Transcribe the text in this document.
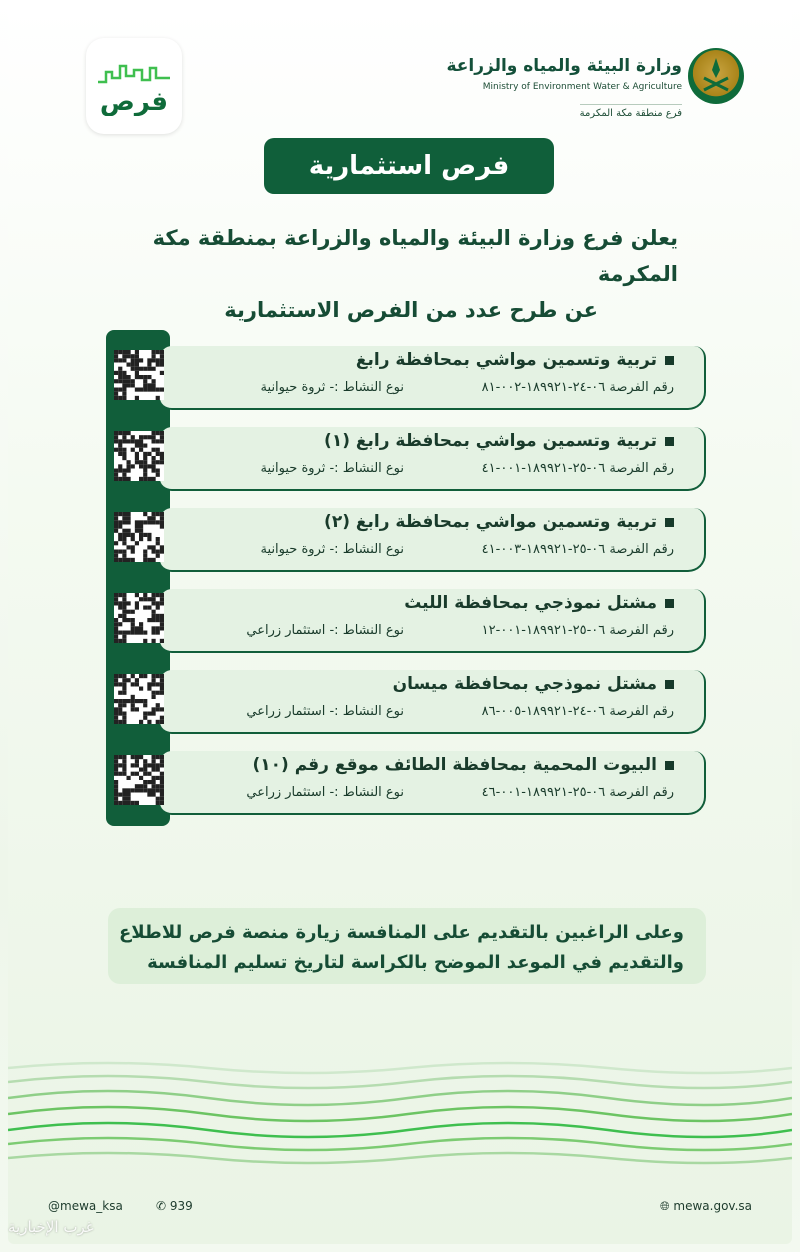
فرص
وزارة البيئة والمياه والزراعة
Ministry of Environment Water & Agriculture
فرع منطقة مكة المكرمة
فرص استثمارية
يعلن فرع وزارة البيئة والمياه والزراعة بمنطقة مكة المكرمة
عن طرح عدد من الفرص الاستثمارية
تربية وتسمين مواشي بمحافظة رابغ
رقم الفرصة ٠٦-٢٤-١٨٩٩٢١-٠٠٢-٨١
نوع النشاط :- ثروة حيوانية
تربية وتسمين مواشي بمحافظة رابغ (١)
رقم الفرصة ٠٦-٢٥-١٨٩٩٢١-٠٠١-٤١
نوع النشاط :- ثروة حيوانية
تربية وتسمين مواشي بمحافظة رابغ (٢)
رقم الفرصة ٠٦-٢٥-١٨٩٩٢١-٠٠٣-٤١
نوع النشاط :- ثروة حيوانية
مشتل نموذجي بمحافظة الليث
رقم الفرصة ٠٦-٢٥-١٨٩٩٢١-٠٠١-١٢
نوع النشاط :- استثمار زراعي
مشتل نموذجي بمحافظة ميسان
رقم الفرصة ٠٦-٢٤-١٨٩٩٢١-٠٠٥-٨٦
نوع النشاط :- استثمار زراعي
البيوت المحمية بمحافظة الطائف موقع رقم (١٠)
رقم الفرصة ٠٦-٢٥-١٨٩٩٢١-٠٠١-٤٦
نوع النشاط :- استثمار زراعي
وعلى الراغبين بالتقديم على المنافسة زيارة منصة فرص للاطلاع
والتقديم في الموعد الموضح بالكراسة لتاريخ تسليم المنافسة
@mewa_ksa	✆ 939	🌐︎ mewa.gov.sa
غرب الإخبارية
